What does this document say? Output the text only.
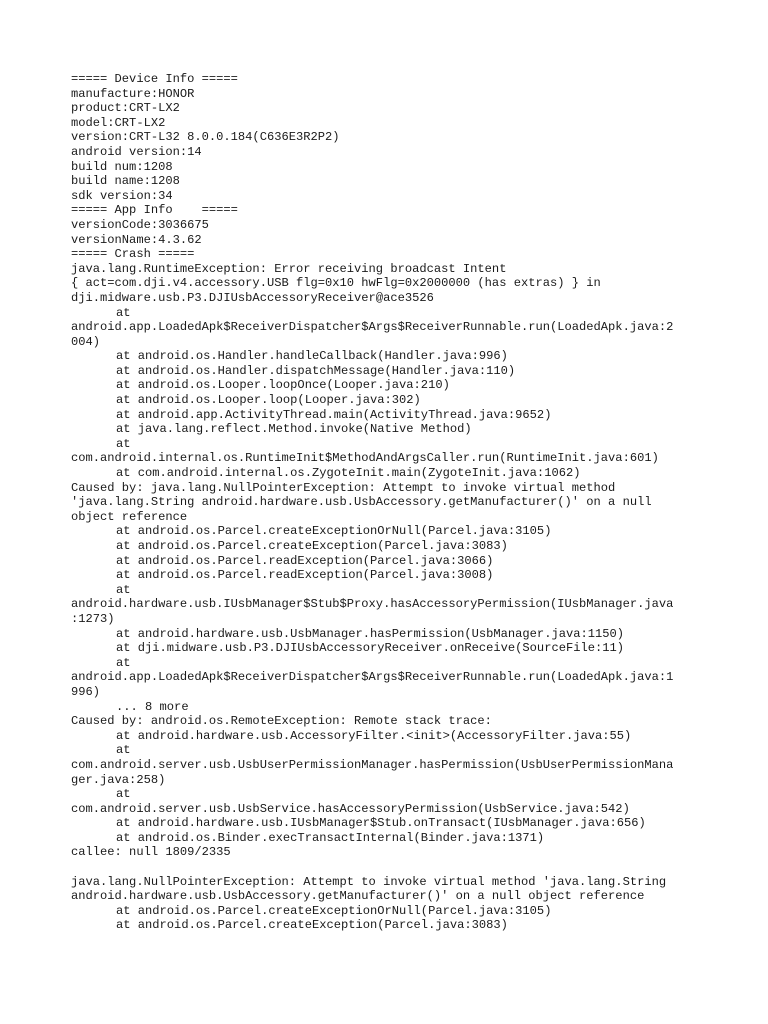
===== Device Info =====
manufacture:HONOR
product:CRT-LX2
model:CRT-LX2
version:CRT-L32 8.0.0.184(C636E3R2P2)
android version:14
build num:1208
build name:1208
sdk version:34
===== App Info    =====
versionCode:3036675
versionName:4.3.62
===== Crash =====
java.lang.RuntimeException: Error receiving broadcast Intent
{ act=com.dji.v4.accessory.USB flg=0x10 hwFlg=0x2000000 (has extras) } in
dji.midware.usb.P3.DJIUsbAccessoryReceiver@ace3526
at
android.app.LoadedApk$ReceiverDispatcher$Args$ReceiverRunnable.run(LoadedApk.java:2
004)
at android.os.Handler.handleCallback(Handler.java:996)
at android.os.Handler.dispatchMessage(Handler.java:110)
at android.os.Looper.loopOnce(Looper.java:210)
at android.os.Looper.loop(Looper.java:302)
at android.app.ActivityThread.main(ActivityThread.java:9652)
at java.lang.reflect.Method.invoke(Native Method)
at
com.android.internal.os.RuntimeInit$MethodAndArgsCaller.run(RuntimeInit.java:601)
at com.android.internal.os.ZygoteInit.main(ZygoteInit.java:1062)
Caused by: java.lang.NullPointerException: Attempt to invoke virtual method
'java.lang.String android.hardware.usb.UsbAccessory.getManufacturer()' on a null
object reference
at android.os.Parcel.createExceptionOrNull(Parcel.java:3105)
at android.os.Parcel.createException(Parcel.java:3083)
at android.os.Parcel.readException(Parcel.java:3066)
at android.os.Parcel.readException(Parcel.java:3008)
at
android.hardware.usb.IUsbManager$Stub$Proxy.hasAccessoryPermission(IUsbManager.java
:1273)
at android.hardware.usb.UsbManager.hasPermission(UsbManager.java:1150)
at dji.midware.usb.P3.DJIUsbAccessoryReceiver.onReceive(SourceFile:11)
at
android.app.LoadedApk$ReceiverDispatcher$Args$ReceiverRunnable.run(LoadedApk.java:1
996)
... 8 more
Caused by: android.os.RemoteException: Remote stack trace:
at android.hardware.usb.AccessoryFilter.<init>(AccessoryFilter.java:55)
at
com.android.server.usb.UsbUserPermissionManager.hasPermission(UsbUserPermissionMana
ger.java:258)
at
com.android.server.usb.UsbService.hasAccessoryPermission(UsbService.java:542)
at android.hardware.usb.IUsbManager$Stub.onTransact(IUsbManager.java:656)
at android.os.Binder.execTransactInternal(Binder.java:1371)
callee: null 1809/2335
java.lang.NullPointerException: Attempt to invoke virtual method 'java.lang.String
android.hardware.usb.UsbAccessory.getManufacturer()' on a null object reference
at android.os.Parcel.createExceptionOrNull(Parcel.java:3105)
at android.os.Parcel.createException(Parcel.java:3083)
